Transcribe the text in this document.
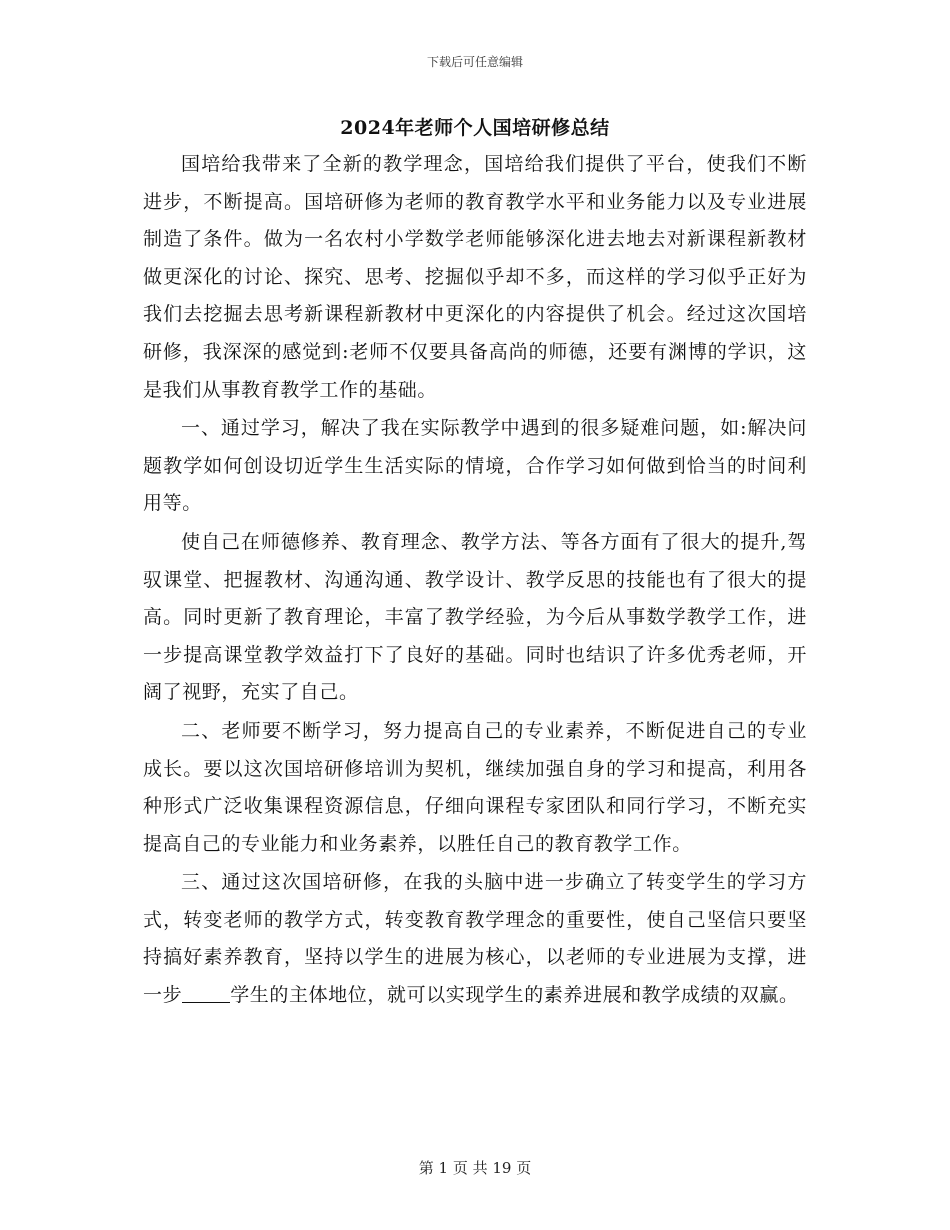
下载后可任意编辑
2024年老师个人国培研修总结

国培给我带来了全新的教学理念，国培给我们提供了平台，使我们不断进步，不断提高。国培研修为老师的教育教学水平和业务能力以及专业进展制造了条件。做为一名农村小学数学老师能够深化进去地去对新课程新教材做更深化的讨论、探究、思考、挖掘似乎却不多，而这样的学习似乎正好为我们去挖掘去思考新课程新教材中更深化的内容提供了机会。经过这次国培研修，我深深的感觉到:老师不仅要具备高尚的师德，还要有渊博的学识，这是我们从事教育教学工作的基础。

一、通过学习，解决了我在实际教学中遇到的很多疑难问题，如:解决问题教学如何创设切近学生生活实际的情境，合作学习如何做到恰当的时间利用等。

使自己在师德修养、教育理念、教学方法、等各方面有了很大的提升,驾驭课堂、把握教材、沟通沟通、教学设计、教学反思的技能也有了很大的提高。同时更新了教育理论，丰富了教学经验，为今后从事数学教学工作，进一步提高课堂教学效益打下了良好的基础。同时也结识了许多优秀老师，开阔了视野，充实了自己。

二、老师要不断学习，努力提高自己的专业素养，不断促进自己的专业成长。要以这次国培研修培训为契机，继续加强自身的学习和提高，利用各种形式广泛收集课程资源信息，仔细向课程专家团队和同行学习，不断充实提高自己的专业能力和业务素养，以胜任自己的教育教学工作。

三、通过这次国培研修，在我的头脑中进一步确立了转变学生的学习方式，转变老师的教学方式，转变教育教学理念的重要性，使自己坚信只要坚持搞好素养教育，坚持以学生的进展为核心，以老师的专业进展为支撑，进一步	学生的主体地位，就可以实现学生的素养进展和教学成绩的双赢。

第 1 页 共 19 页
